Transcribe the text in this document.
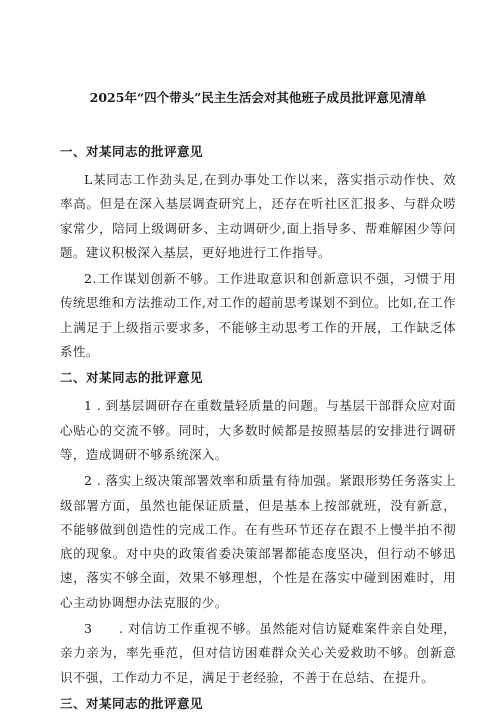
2025年“四个带头”民主生活会对其他班子成员批评意见清单
一、对某同志的批评意见

L某同志工作劲头足,在到办事处工作以来，落实指示动作快、效率高。但是在深入基层调查研究上，还存在听社区汇报多、与群众唠家常少，陪同上级调研多、主动调研少,面上指导多、帮难解困少等问题。建议积极深入基层，更好地进行工作指导。

2.工作谋划创新不够。工作进取意识和创新意识不强，习惯于用传统思维和方法推动工作,对工作的超前思考谋划不到位。比如,在工作上满足于上级指示要求多，不能够主动思考工作的开展，工作缺乏体系性。

二、对某同志的批评意见

1 . 到基层调研存在重数量轻质量的问题。与基层干部群众应对面心贴心的交流不够。同时，大多数时候都是按照基层的安排进行调研等，造成调研不够系统深入。

2 . 落实上级决策部署效率和质量有待加强。紧跟形势任务落实上级部署方面，虽然也能保证质量，但是基本上按部就班，没有新意，不能够做到创造性的完成工作。在有些环节还存在跟不上慢半拍不彻底的现象。对中央的政策省委决策部署都能态度坚决，但行动不够迅速，落实不够全面，效果不够理想，个性是在落实中碰到困难时，用心主动协调想办法克服的少。

3　　. 对信访工作重视不够。虽然能对信访疑难案件亲自处理，亲力亲为，率先垂范，但对信访困难群众关心关爱救助不够。创新意识不强，工作动力不足，满足于老经验，不善于在总结、在提升。

三、对某同志的批评意见
